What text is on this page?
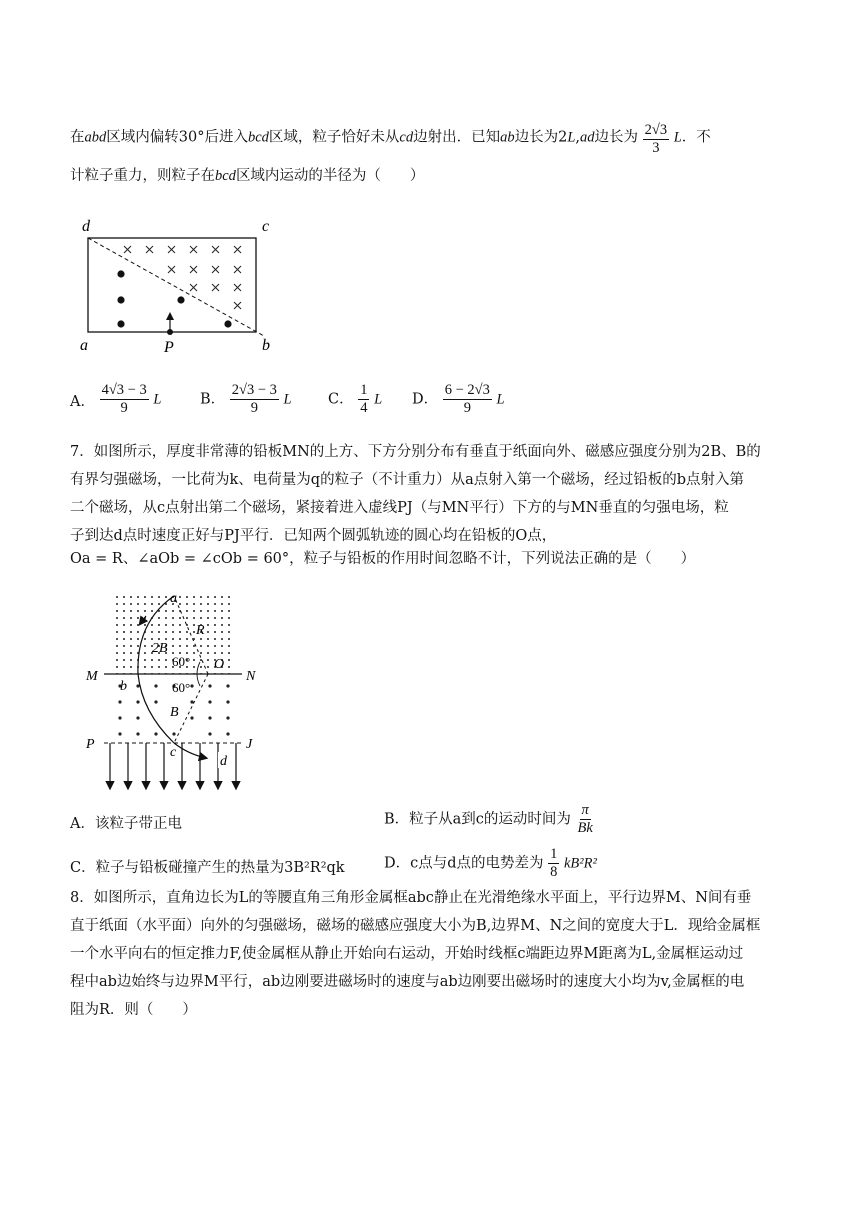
在abd区域内偏转30°后进入bcd区域，粒子恰好未从cd边射出．已知ab边长为2L,ad边长为 $\frac{2√3}{3}$ L．不
计粒子重力，则粒子在bcd区域内运动的半径为（　　）
d	c
a	P	b
A． $\frac{4√3 - 3}{9}$ L	B． $\frac{2√3 - 3}{9}$ L	C． $\frac{1}{4}$ L D． $\frac{6 - 2√3}{9}$ L
7．如图所示，厚度非常薄的铅板MN的上方、下方分别分布有垂直于纸面向外、磁感应强度分别为2B、B的
有界匀强磁场，一比荷为k、电荷量为q的粒子（不计重力）从a点射入第一个磁场，经过铅板的b点射入第
二个磁场，从c点射出第二个磁场，紧接着进入虚线PJ（与MN平行）下方的与MN垂直的匀强电场，粒
子到达d点时速度正好与PJ平行．已知两个圆弧轨迹的圆心均在铅板的O点，
Oa = R、∠aOb = ∠cOb = 60°，粒子与铅板的作用时间忽略不计，下列说法正确的是（　　）
a
R
2B
60° O
M	N
b	60°
B
P	J
c
d
A．该粒子带正电	B．粒子从a到c的运动时间为 $\frac{\pi}{Bk}$
C．粒子与铅板碰撞产生的热量为3B²R²qk	D．c点与d点的电势差为 $\frac{1}{8} kB^2R^2$
8．如图所示，直角边长为L的等腰直角三角形金属框abc静止在光滑绝缘水平面上，平行边界M、N间有垂
直于纸面（水平面）向外的匀强磁场，磁场的磁感应强度大小为B,边界M、N之间的宽度大于L．现给金属框
一个水平向右的恒定推力F,使金属框从静止开始向右运动，开始时线框c端距边界M距离为L,金属框运动过
程中ab边始终与边界M平行，ab边刚要进磁场时的速度与ab边刚要出磁场时的速度大小均为v,金属框的电
阻为R．则（　　）
